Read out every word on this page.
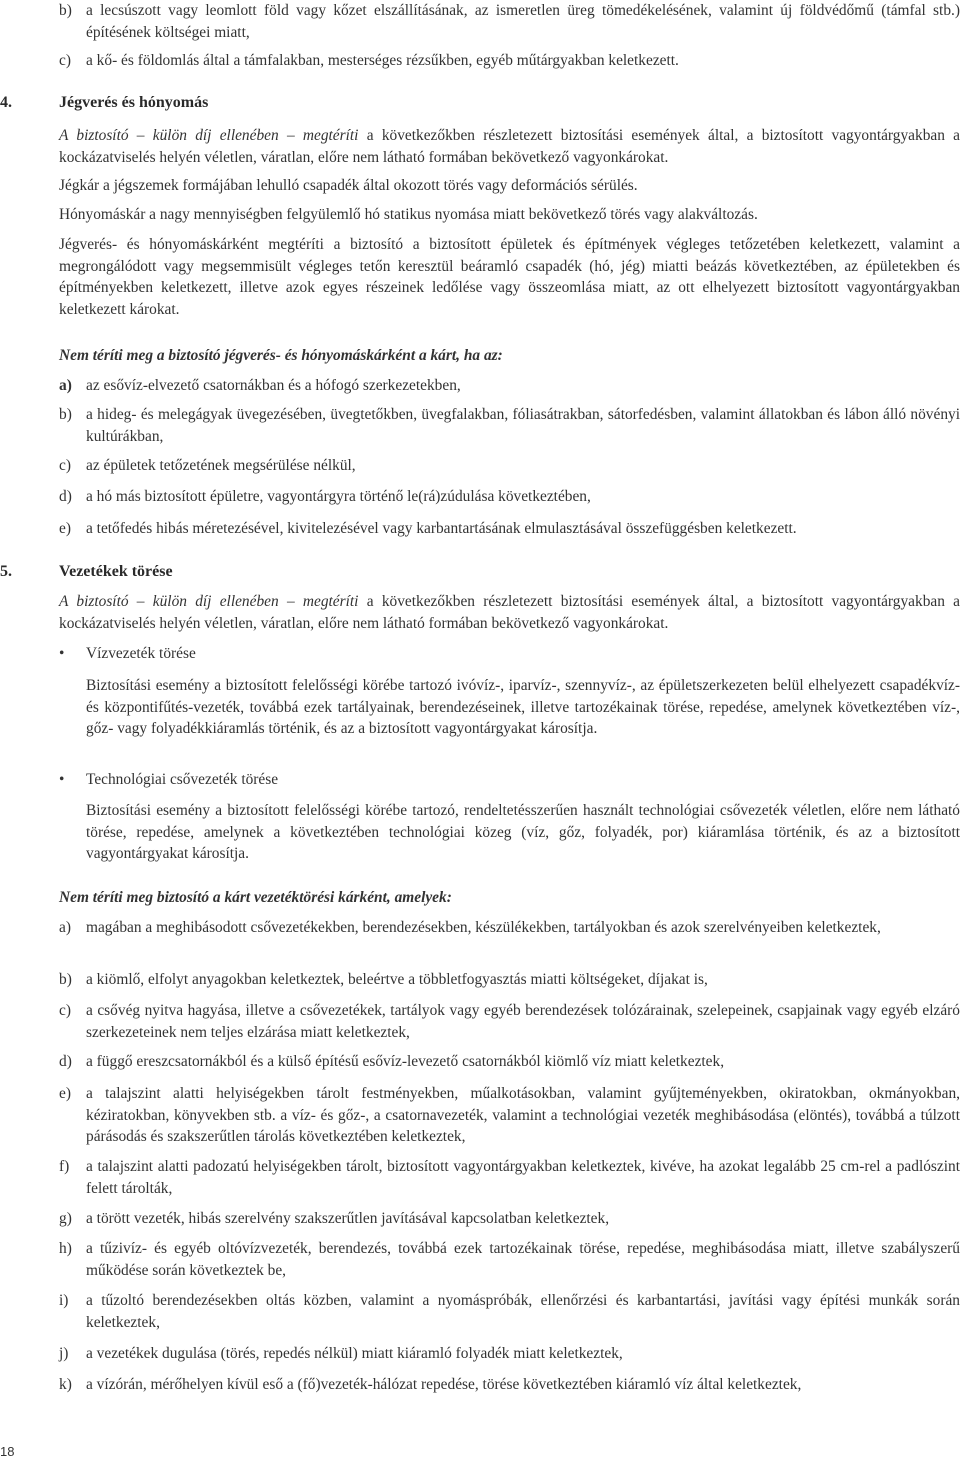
b) a lecsúszott vagy leomlott föld vagy kőzet elszállításának, az ismeretlen üreg tömedékelésének, valamint új földvédőmű (támfal stb.) építésének költségei miatt,
c) a kő- és földomlás által a támfalakban, mesterséges rézsűkben, egyéb műtárgyakban keletkezett.
4.	Jégverés és hónyomás
A biztosító – külön díj ellenében – megtéríti a következőkben részletezett biztosítási események által, a biztosított vagyontárgyakban a kockázatviselés helyén véletlen, váratlan, előre nem látható formában bekövetkező vagyonkárokat.
Jégkár a jégszemek formájában lehulló csapadék által okozott törés vagy deformációs sérülés.
Hónyomáskár a nagy mennyiségben felgyülemlő hó statikus nyomása miatt bekövetkező törés vagy alakváltozás.
Jégverés- és hónyomáskárként megtéríti a biztosító a biztosított épületek és építmények végleges tetőzetében keletkezett, valamint a megrongálódott vagy megsemmisült végleges tetőn keresztül beáramló csapadék (hó, jég) miatti beázás következtében, az épületekben és építményekben keletkezett, illetve azok egyes részeinek ledőlése vagy összeomlása miatt, az ott elhelyezett biztosított vagyontárgyakban keletkezett károkat.
Nem téríti meg a biztosító jégverés- és hónyomáskárként a kárt, ha az:
a) az esővíz-elvezető csatornákban és a hófogó szerkezetekben,
b) a hideg- és melegágyak üvegezésében, üvegtetőkben, üvegfalakban, fóliasátrakban, sátorfedésben, valamint állatokban és lábon álló növényi kultúrákban,
c) az épületek tetőzetének megsérülése nélkül,
d) a hó más biztosított épületre, vagyontárgyra történő le(rá)zúdulása következtében,
e) a tetőfedés hibás méretezésével, kivitelezésével vagy karbantartásának elmulasztásával összefüggésben keletkezett.
5.	Vezetékek törése
A biztosító – külön díj ellenében – megtéríti a következőkben részletezett biztosítási események által, a biztosított vagyontárgyakban a kockázatviselés helyén véletlen, váratlan, előre nem látható formában bekövetkező vagyonkárokat.
• Vízvezeték törése
Biztosítási esemény a biztosított felelősségi körébe tartozó ivóvíz-, iparvíz-, szennyvíz-, az épületszerkezeten belül elhelyezett csapadékvíz- és központifűtés-vezeték, továbbá ezek tartályainak, berendezéseinek, illetve tartozékainak törése, repedése, amelynek következtében víz-, gőz- vagy folyadékkiáramlás történik, és az a biztosított vagyontárgyakat károsítja.
• Technológiai csővezeték törése
Biztosítási esemény a biztosított felelősségi körébe tartozó, rendeltetésszerűen használt technológiai csővezeték véletlen, előre nem látható törése, repedése, amelynek a következtében technológiai közeg (víz, gőz, folyadék, por) kiáramlása történik, és az a biztosított vagyontárgyakat károsítja.
Nem téríti meg biztosító a kárt vezetéktörési kárként, amelyek:
a) magában a meghibásodott csővezetékekben, berendezésekben, készülékekben, tartályokban és azok szerelvényeiben keletkeztek,
b) a kiömlő, elfolyt anyagokban keletkeztek, beleértve a többletfogyasztás miatti költségeket, díjakat is,
c) a csővég nyitva hagyása, illetve a csővezetékek, tartályok vagy egyéb berendezések tolózárainak, szelepeinek, csapjainak vagy egyéb elzáró szerkezeteinek nem teljes elzárása miatt keletkeztek,
d) a függő ereszcsatornákból és a külső építésű esővíz-levezető csatornákból kiömlő víz miatt keletkeztek,
e) a talajszint alatti helyiségekben tárolt festményekben, műalkotásokban, valamint gyűjteményekben, okiratokban, okmányokban, kéziratokban, könyvekben stb. a víz- és gőz-, a csatornavezeték, valamint a technológiai vezeték meghibásodása (elöntés), továbbá a túlzott párásodás és szakszerűtlen tárolás következtében keletkeztek,
f) a talajszint alatti padozatú helyiségekben tárolt, biztosított vagyontárgyakban keletkeztek, kivéve, ha azokat legalább 25 cm-rel a padlószint felett tárolták,
g) a törött vezeték, hibás szerelvény szakszerűtlen javításával kapcsolatban keletkeztek,
h) a tűzivíz- és egyéb oltóvízvezeték, berendezés, továbbá ezek tartozékainak törése, repedése, meghibásodása miatt, illetve szabályszerű működése során következtek be,
i) a tűzoltó berendezésekben oltás közben, valamint a nyomáspróbák, ellenőrzési és karbantartási, javítási vagy építési munkák során keletkeztek,
j) a vezetékek dugulása (törés, repedés nélkül) miatt kiáramló folyadék miatt keletkeztek,
k) a vízórán, mérőhelyen kívül eső a (fő)vezeték-hálózat repedése, törése következtében kiáramló víz által keletkeztek,
18
